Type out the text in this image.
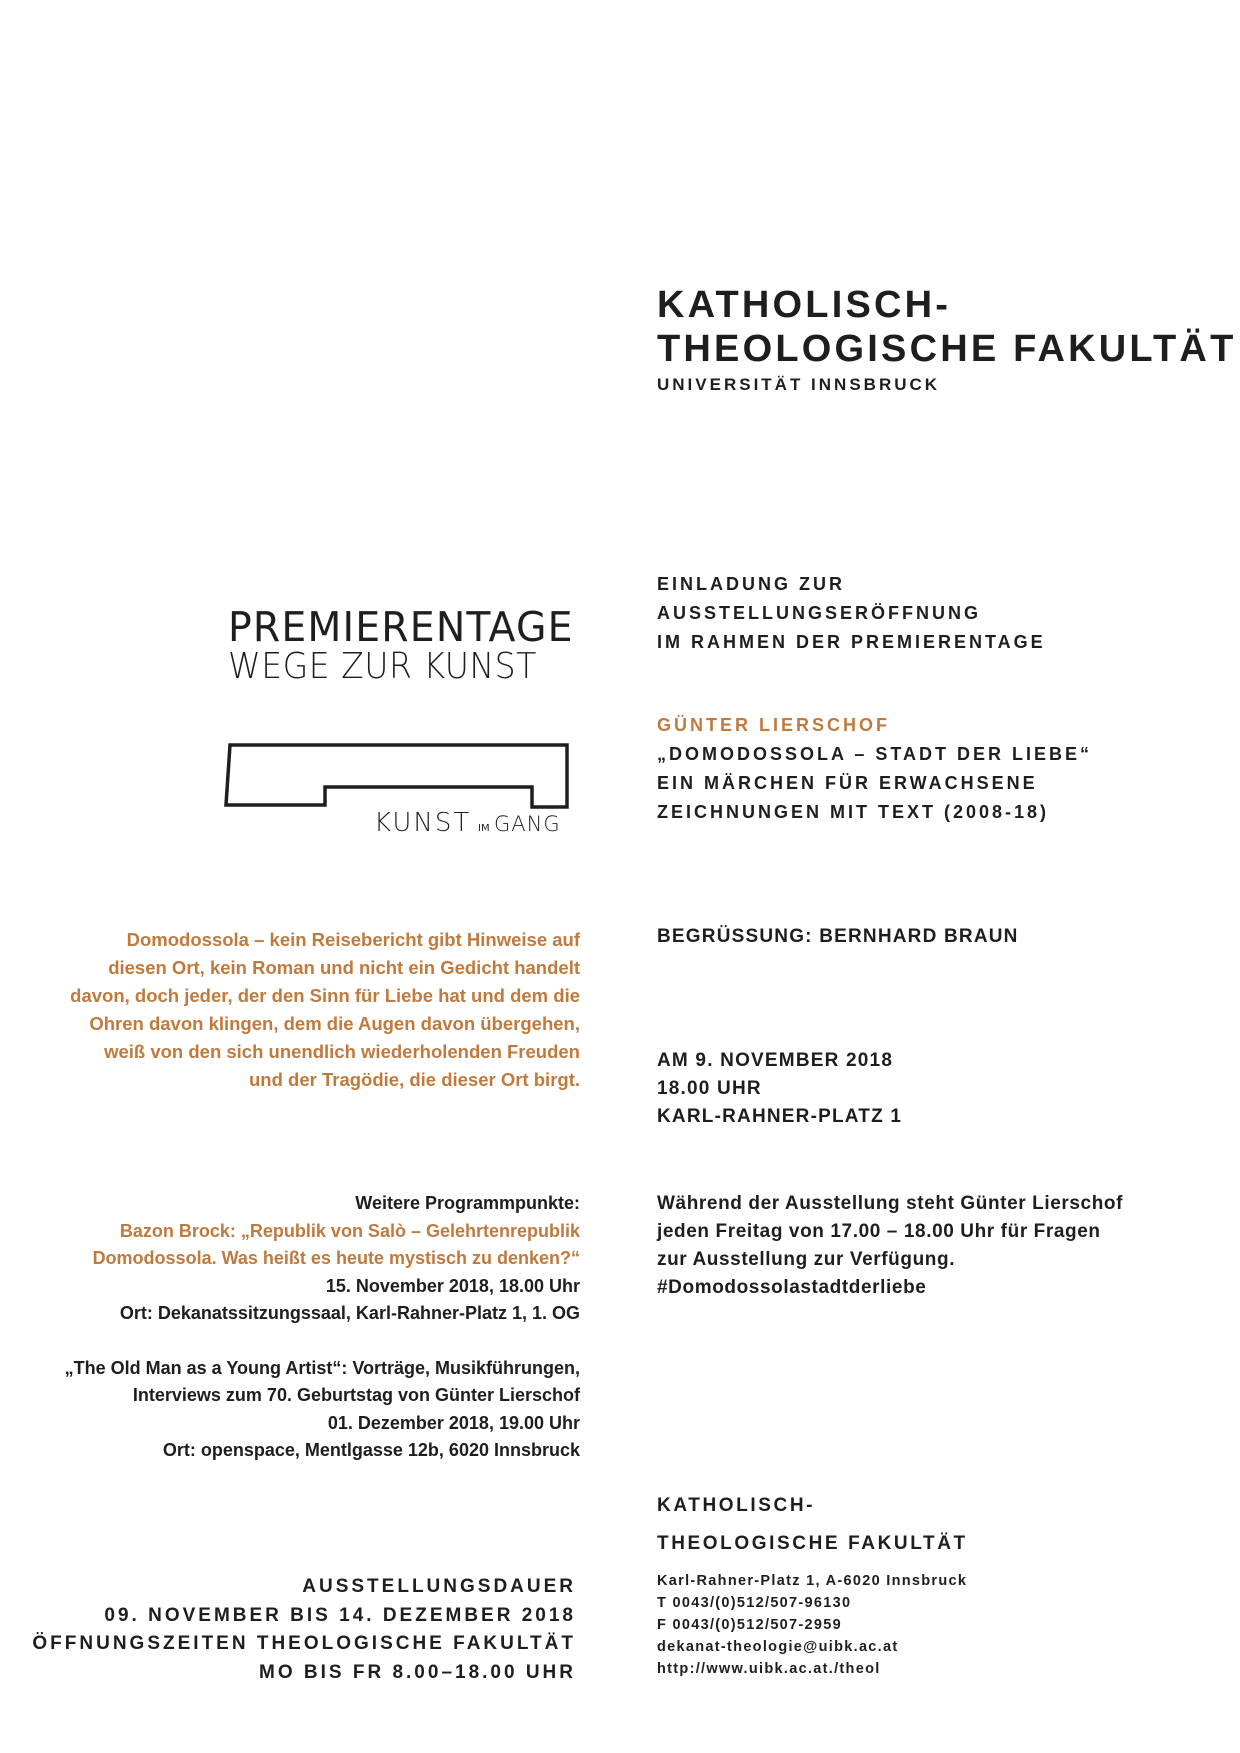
KATHOLISCH-
THEOLOGISCHE FAKULTÄT
UNIVERSITÄT INNSBRUCK
PREMIERENTAGE
WEGE ZUR KUNST
KUNST IM GANG
EINLADUNG ZUR
AUSSTELLUNGSERÖFFNUNG
IM RAHMEN DER PREMIERENTAGE
GÜNTER LIERSCHOF
„DOMODOSSOLA – STADT DER LIEBE“
EIN MÄRCHEN FÜR ERWACHSENE
ZEICHNUNGEN MIT TEXT (2008-18)
Domodossola – kein Reisebericht gibt Hinweise auf
diesen Ort, kein Roman und nicht ein Gedicht handelt
davon, doch jeder, der den Sinn für Liebe hat und dem die
Ohren davon klingen, dem die Augen davon übergehen,
weiß von den sich unendlich wiederholenden Freuden
und der Tragödie, die dieser Ort birgt.
BEGRÜSSUNG: BERNHARD BRAUN
AM 9. NOVEMBER 2018
18.00 UHR
KARL-RAHNER-PLATZ 1
Weitere Programmpunkte:
Bazon Brock: „Republik von Salò – Gelehrtenrepublik
Domodossola. Was heißt es heute mystisch zu denken?“
15. November 2018, 18.00 Uhr
Ort: Dekanatssitzungssaal, Karl-Rahner-Platz 1, 1. OG
„The Old Man as a Young Artist“: Vorträge, Musikführungen,
Interviews zum 70. Geburtstag von Günter Lierschof
01. Dezember 2018, 19.00 Uhr
Ort: openspace, Mentlgasse 12b, 6020 Innsbruck
Während der Ausstellung steht Günter Lierschof
jeden Freitag von 17.00 – 18.00 Uhr für Fragen
zur Ausstellung zur Verfügung.
#Domodossolastadtderliebe
AUSSTELLUNGSDAUER
09. NOVEMBER BIS 14. DEZEMBER 2018
ÖFFNUNGSZEITEN THEOLOGISCHE FAKULTÄT
MO BIS FR 8.00–18.00 UHR
KATHOLISCH-
THEOLOGISCHE FAKULTÄT
Karl-Rahner-Platz 1, A-6020 Innsbruck
T 0043/(0)512/507-96130
F 0043/(0)512/507-2959
dekanat-theologie@uibk.ac.at
http://www.uibk.ac.at./theol
